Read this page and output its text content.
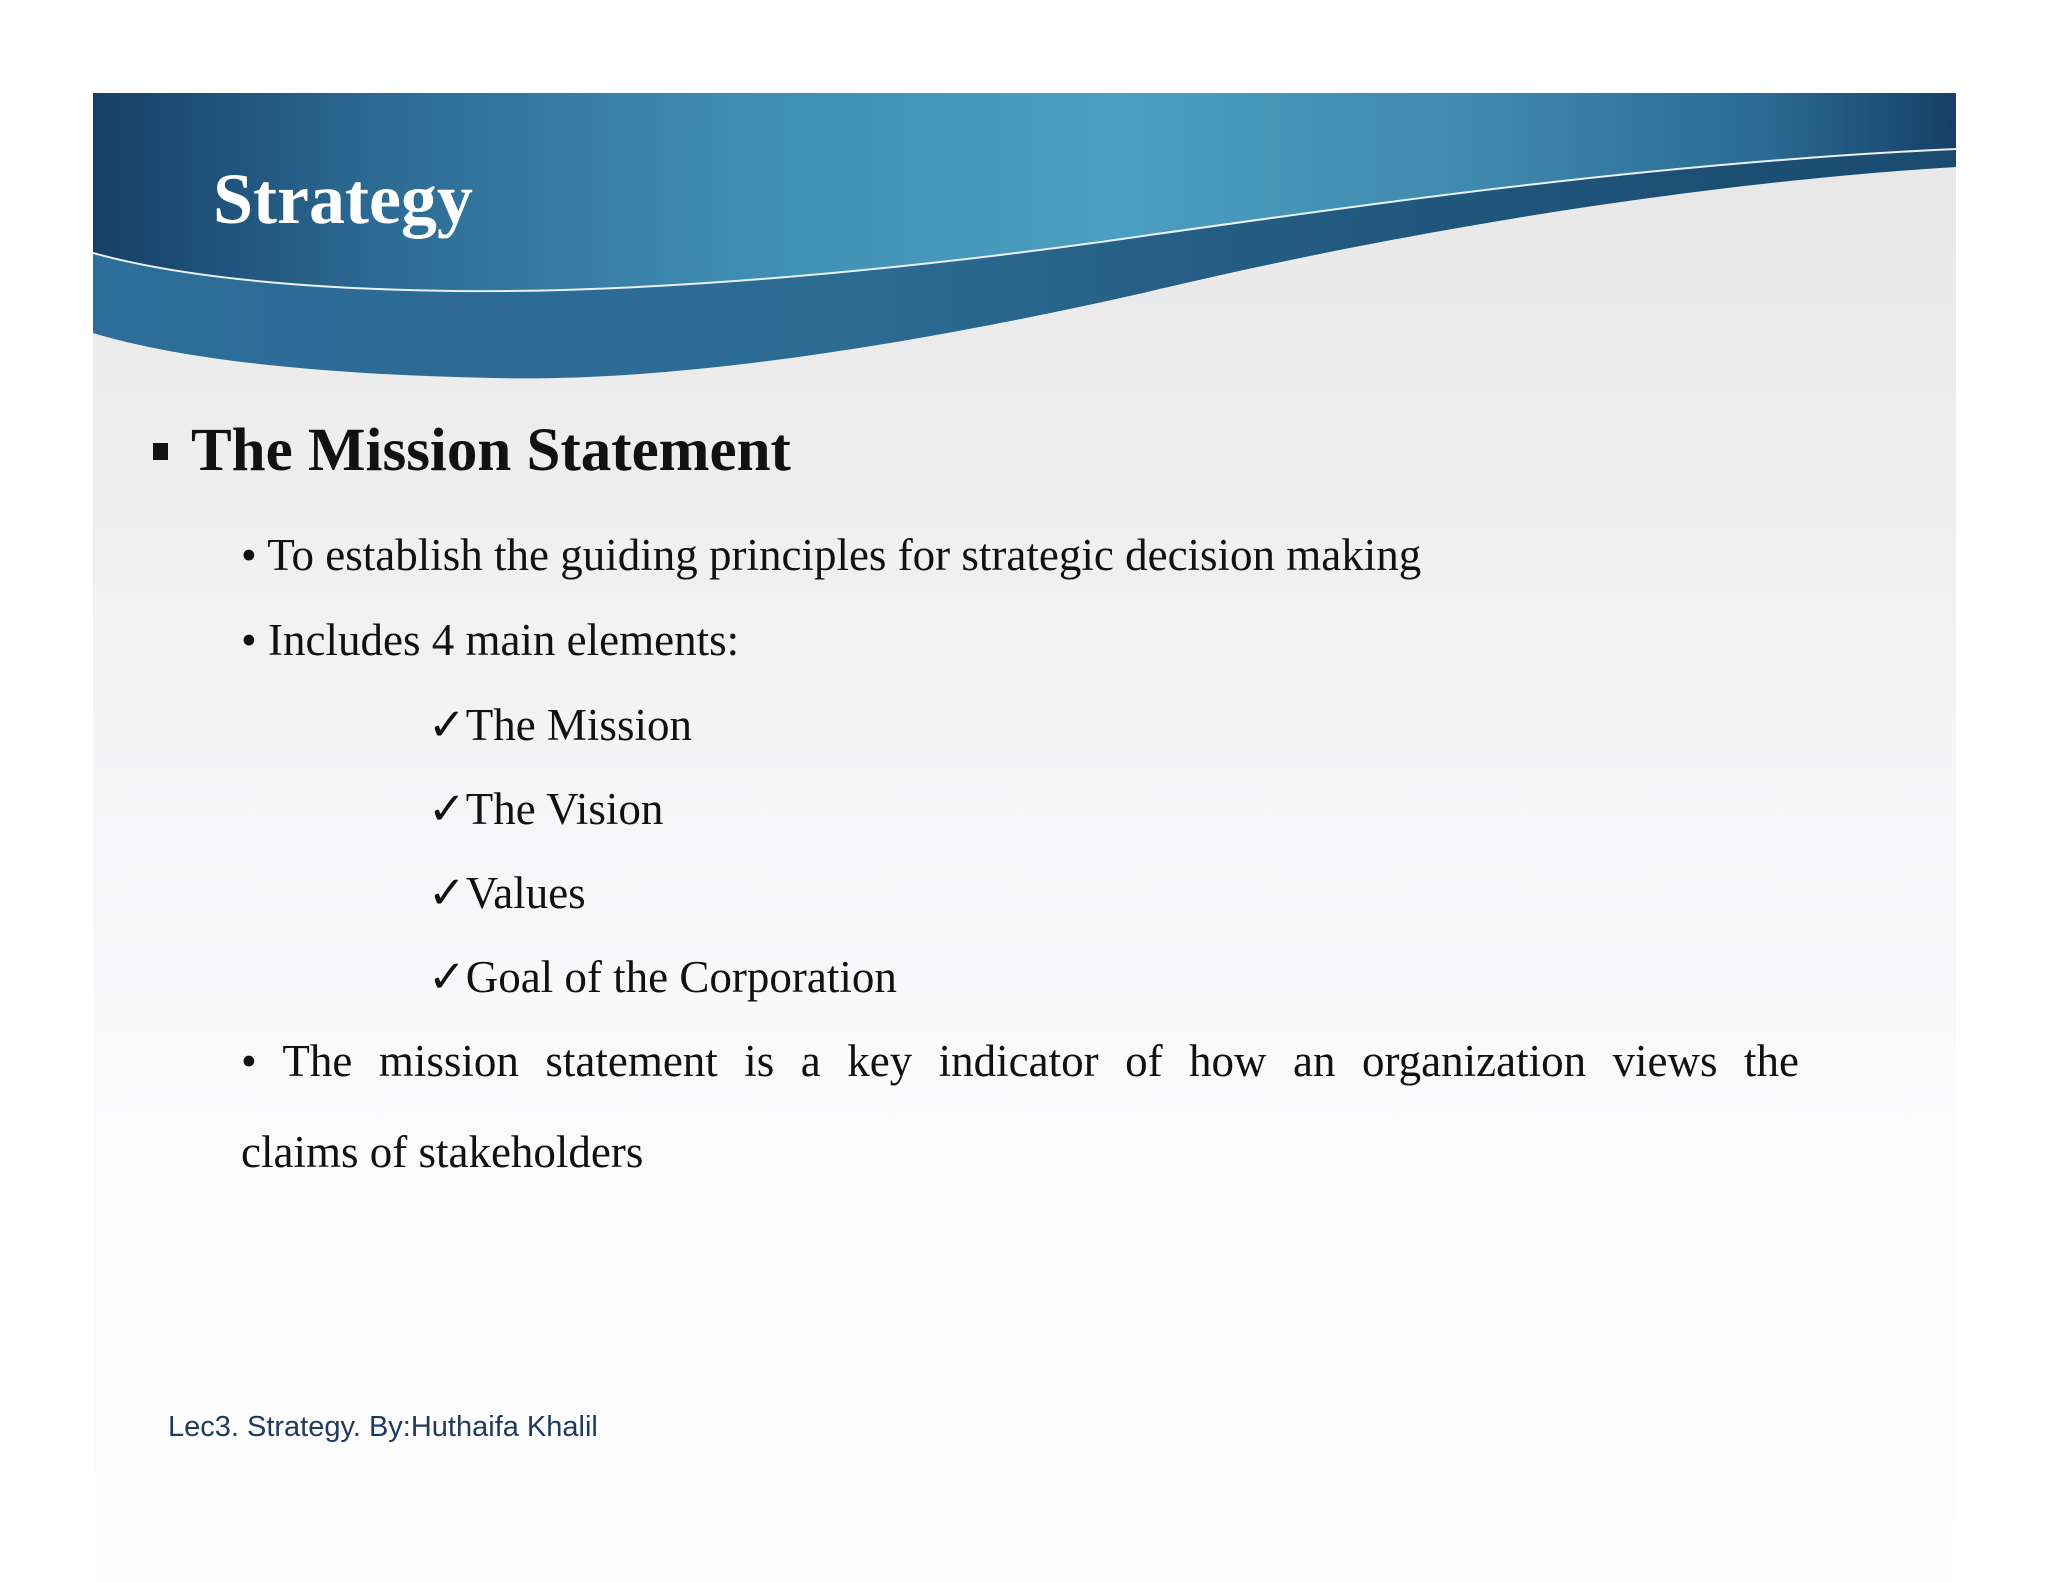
Strategy
The Mission Statement
• To establish the guiding principles for strategic decision making
• Includes 4 main elements:
✓The Mission
✓The Vision
✓Values
✓Goal of the Corporation
• The mission statement is a key indicator of how an organization views the
claims of stakeholders
Lec3. Strategy. By:Huthaifa Khalil
